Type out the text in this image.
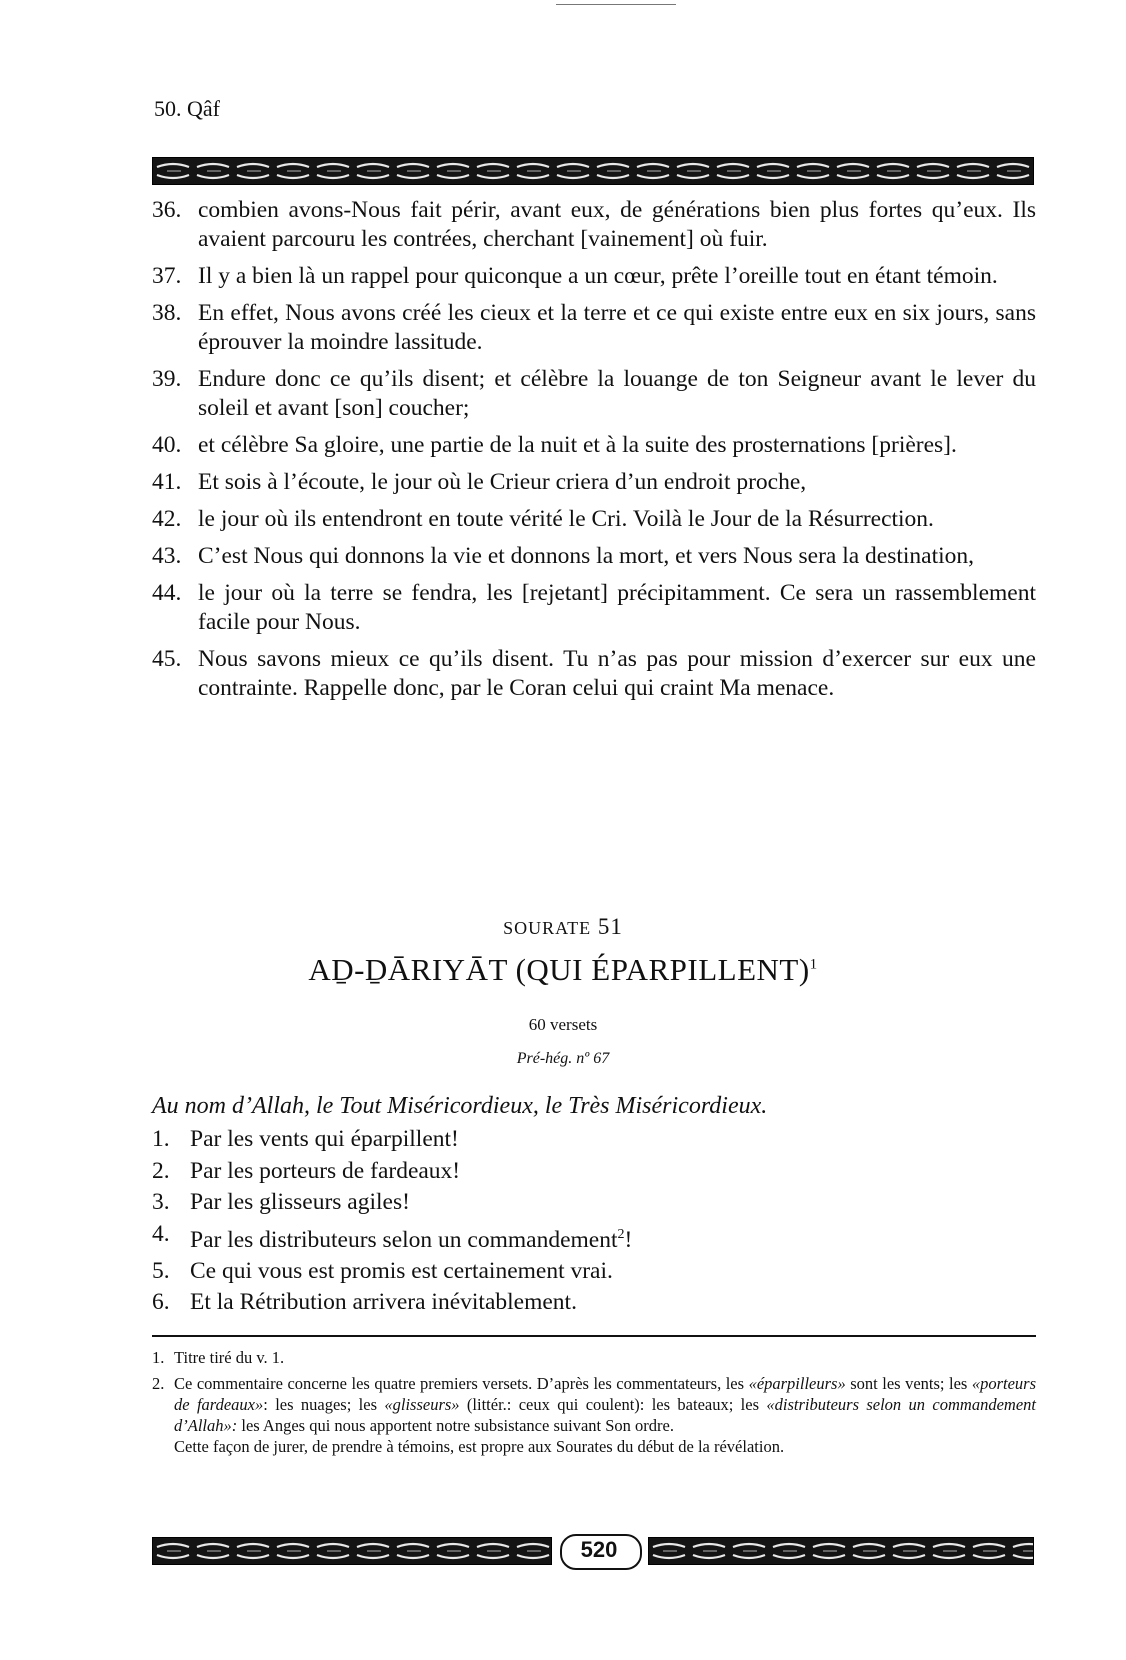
50. Qâf
36. combien avons-Nous fait périr, avant eux, de générations bien plus fortes qu’eux. Ils avaient parcouru les contrées, cherchant [vainement] où fuir.
37. Il y a bien là un rappel pour quiconque a un cœur, prête l’oreille tout en étant témoin.
38. En effet, Nous avons créé les cieux et la terre et ce qui existe entre eux en six jours, sans éprouver la moindre lassitude.
39. Endure donc ce qu’ils disent; et célèbre la louange de ton Seigneur avant le lever du soleil et avant [son] coucher;
40. et célèbre Sa gloire, une partie de la nuit et à la suite des prosternations [prières].
41. Et sois à l’écoute, le jour où le Crieur criera d’un endroit proche,
42. le jour où ils entendront en toute vérité le Cri. Voilà le Jour de la Résurrection.
43. C’est Nous qui donnons la vie et donnons la mort, et vers Nous sera la destination,
44. le jour où la terre se fendra, les [rejetant] précipitamment. Ce sera un rassemblement facile pour Nous.
45. Nous savons mieux ce qu’ils disent. Tu n’as pas pour mission d’exercer sur eux une contrainte. Rappelle donc, par le Coran celui qui craint Ma menace.
SOURATE 51
AḎ-ḎĀRIYĀT (QUI ÉPARPILLENT)$^1$
60 versets
Pré-hég. nº 67
Au nom d’Allah, le Tout Miséricordieux, le Très Miséricordieux.
1. Par les vents qui éparpillent!
2. Par les porteurs de fardeaux!
3. Par les glisseurs agiles!
4. Par les distributeurs selon un commandement$^2$!
5. Ce qui vous est promis est certainement vrai.
6. Et la Rétribution arrivera inévitablement.
1. Titre tiré du v. 1.

2. Ce commentaire concerne les quatre premiers versets. D’après les commentateurs, les «éparpilleurs» sont les vents; les «porteurs de fardeaux»: les nuages; les «glisseurs» (littér.: ceux qui coulent): les bateaux; les «distributeurs selon un commandement d’Allah»: les Anges qui nous apportent notre subsistance suivant Son ordre.

Cette façon de jurer, de prendre à témoins, est propre aux Sourates du début de la révélation.

520
